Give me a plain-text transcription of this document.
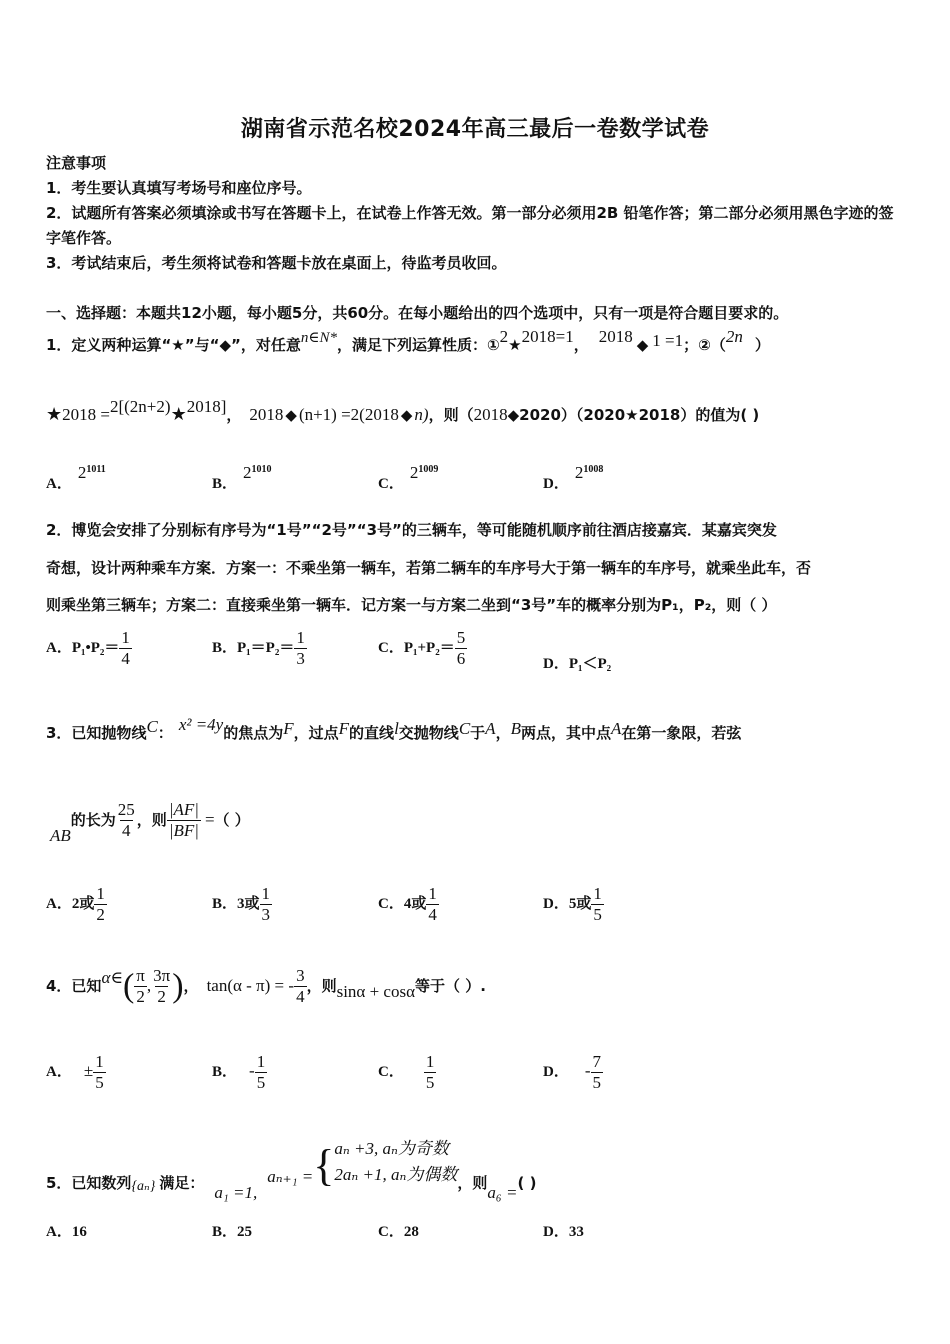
湖南省示范名校2024年高三最后一卷数学试卷
注意事项
1．考生要认真填写考场号和座位序号。
2．试题所有答案必须填涂或书写在答题卡上，在试卷上作答无效。第一部分必须用2B 铅笔作答；第二部分必须用黑色字迹的签字笔作答。
3．考试结束后，考生须将试卷和答题卡放在桌面上，待监考员收回。
一、选择题：本题共12小题，每小题5分，共60分。在每小题给出的四个选项中，只有一项是符合题目要求的。
1．定义两种运算“★”与“◆”，对任意n∈N*，满足下列运算性质：①2★2018=1， 2018 ◆ 1 =1；②（2n ）
★2018 =2[(2n+2)★2018]， 2018 ◆ (n+1) =2(2018 ◆ n)，则（2018◆2020）（2020★2018）的值为( )
A．$2^{1011}$
B．$2^{1010}$
C．$2^{1009}$
D．$2^{1008}$
2．博览会安排了分别标有序号为“1号”“2号”“3号”的三辆车，等可能随机顺序前往酒店接嘉宾．某嘉宾突发
奇想，设计两种乘车方案．方案一：不乘坐第一辆车，若第二辆车的车序号大于第一辆车的车序号，就乘坐此车，否
则乘坐第三辆车；方案二：直接乘坐第一辆车．记方案一与方案二坐到“3号”车的概率分别为P₁，P₂，则（ ）
A．P₁•P₂＝ $\frac{1}{4}$	B．$P_1=P_2= \frac{1}{3}$	C．$P_1+P_2= \frac{5}{6}$	D．P₁＜P₂
3．已知抛物线C： x² =4y的焦点为F，过点F的直线l交抛物线C于A，B两点，其中点A在第一象限，若弦
AB的长为 $\frac{25}{4}$ ，则 $\frac{|AF|}{|BF|}$ =（ ）
A．2或 $\frac{1}{2}$	B．3或 $\frac{1}{3}$	C．4或 $\frac{1}{4}$	D．5或 $\frac{1}{5}$
4．已知α∈( $\frac{\pi}{2}$ , $\frac{3\pi}{2}$ )， tan(α - π) = - $\frac{3}{4}$ ，则sinα + cosα等于（ ）.
A． ± $\frac{1}{5}$	B． - $\frac{1}{5}$	C． $\frac{1}{5}$	D． - $\frac{7}{5}$
5．已知数列{aₙ} 满足： a₁ =1,aₙ₊₁ ={ aₙ +3, aₙ为奇数
2aₙ +1, aₙ为偶数 ，则a₆ =( )
A．16	B．25	C．28	D．33
